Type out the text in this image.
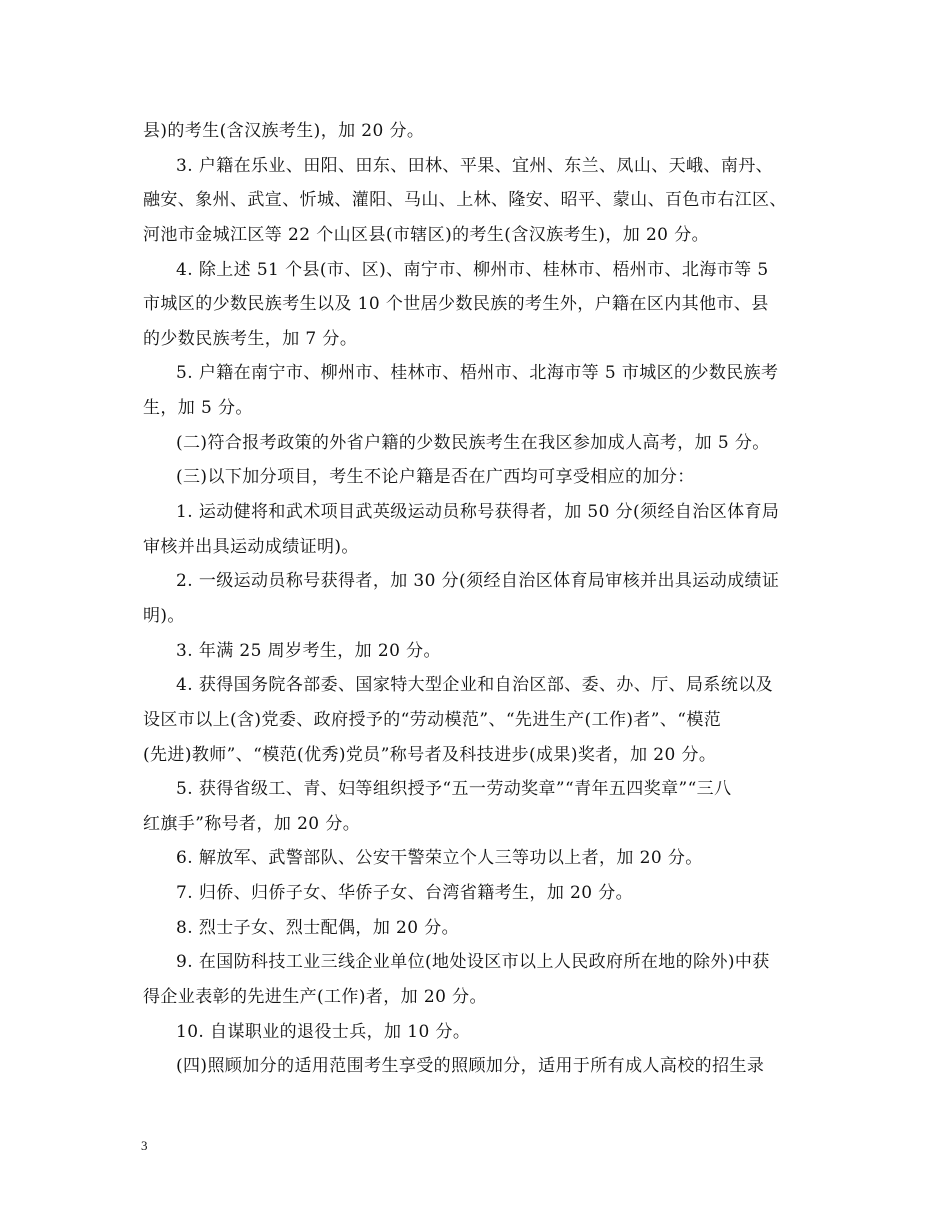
县)的考生(含汉族考生)，加 20 分。
3. 户籍在乐业、田阳、田东、田林、平果、宜州、东兰、凤山、天峨、南丹、
融安、象州、武宣、忻城、灌阳、马山、上林、隆安、昭平、蒙山、百色市右江区、
河池市金城江区等 22 个山区县(市辖区)的考生(含汉族考生)，加 20 分。
4. 除上述 51 个县(市、区)、南宁市、柳州市、桂林市、梧州市、北海市等 5
市城区的少数民族考生以及 10 个世居少数民族的考生外，户籍在区内其他市、县
的少数民族考生，加 7 分。
5. 户籍在南宁市、柳州市、桂林市、梧州市、北海市等 5 市城区的少数民族考
生，加 5 分。
(二)符合报考政策的外省户籍的少数民族考生在我区参加成人高考，加 5 分。
(三)以下加分项目，考生不论户籍是否在广西均可享受相应的加分：
1. 运动健将和武术项目武英级运动员称号获得者，加 50 分(须经自治区体育局
审核并出具运动成绩证明)。
2. 一级运动员称号获得者，加 30 分(须经自治区体育局审核并出具运动成绩证
明)。
3. 年满 25 周岁考生，加 20 分。
4. 获得国务院各部委、国家特大型企业和自治区部、委、办、厅、局系统以及
设区市以上(含)党委、政府授予的“劳动模范”、“先进生产(工作)者”、“模范
(先进)教师”、“模范(优秀)党员”称号者及科技进步(成果)奖者，加 20 分。
5. 获得省级工、青、妇等组织授予“五一劳动奖章”“青年五四奖章”“三八
红旗手”称号者，加 20 分。
6. 解放军、武警部队、公安干警荣立个人三等功以上者，加 20 分。
7. 归侨、归侨子女、华侨子女、台湾省籍考生，加 20 分。
8. 烈士子女、烈士配偶，加 20 分。
9. 在国防科技工业三线企业单位(地处设区市以上人民政府所在地的除外)中获
得企业表彰的先进生产(工作)者，加 20 分。
10. 自谋职业的退役士兵，加 10 分。
(四)照顾加分的适用范围考生享受的照顾加分，适用于所有成人高校的招生录
3
